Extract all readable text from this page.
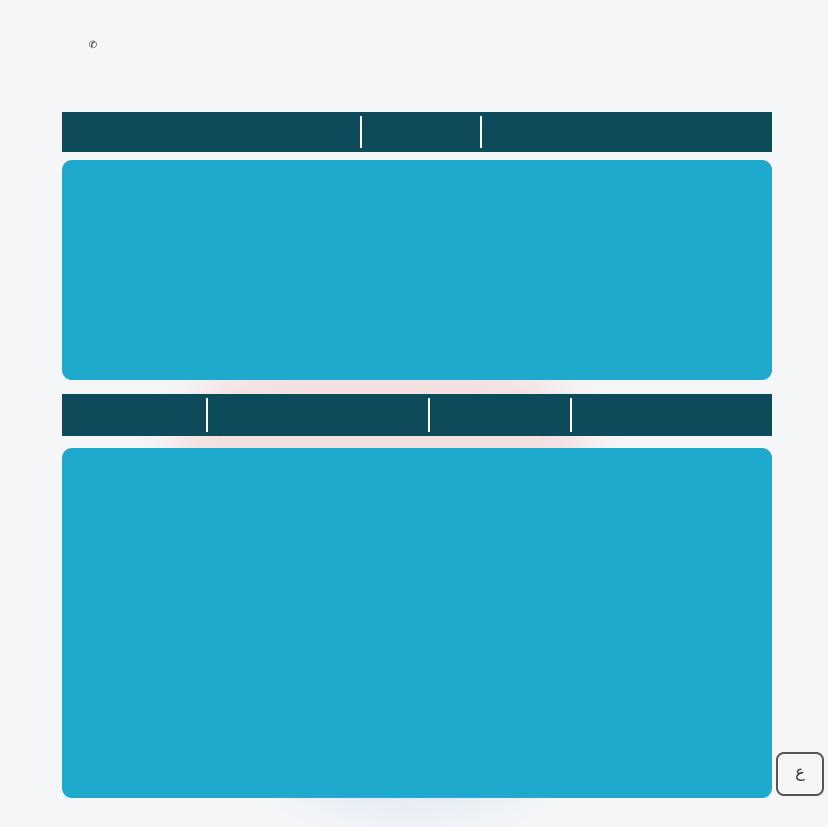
✆
ع
